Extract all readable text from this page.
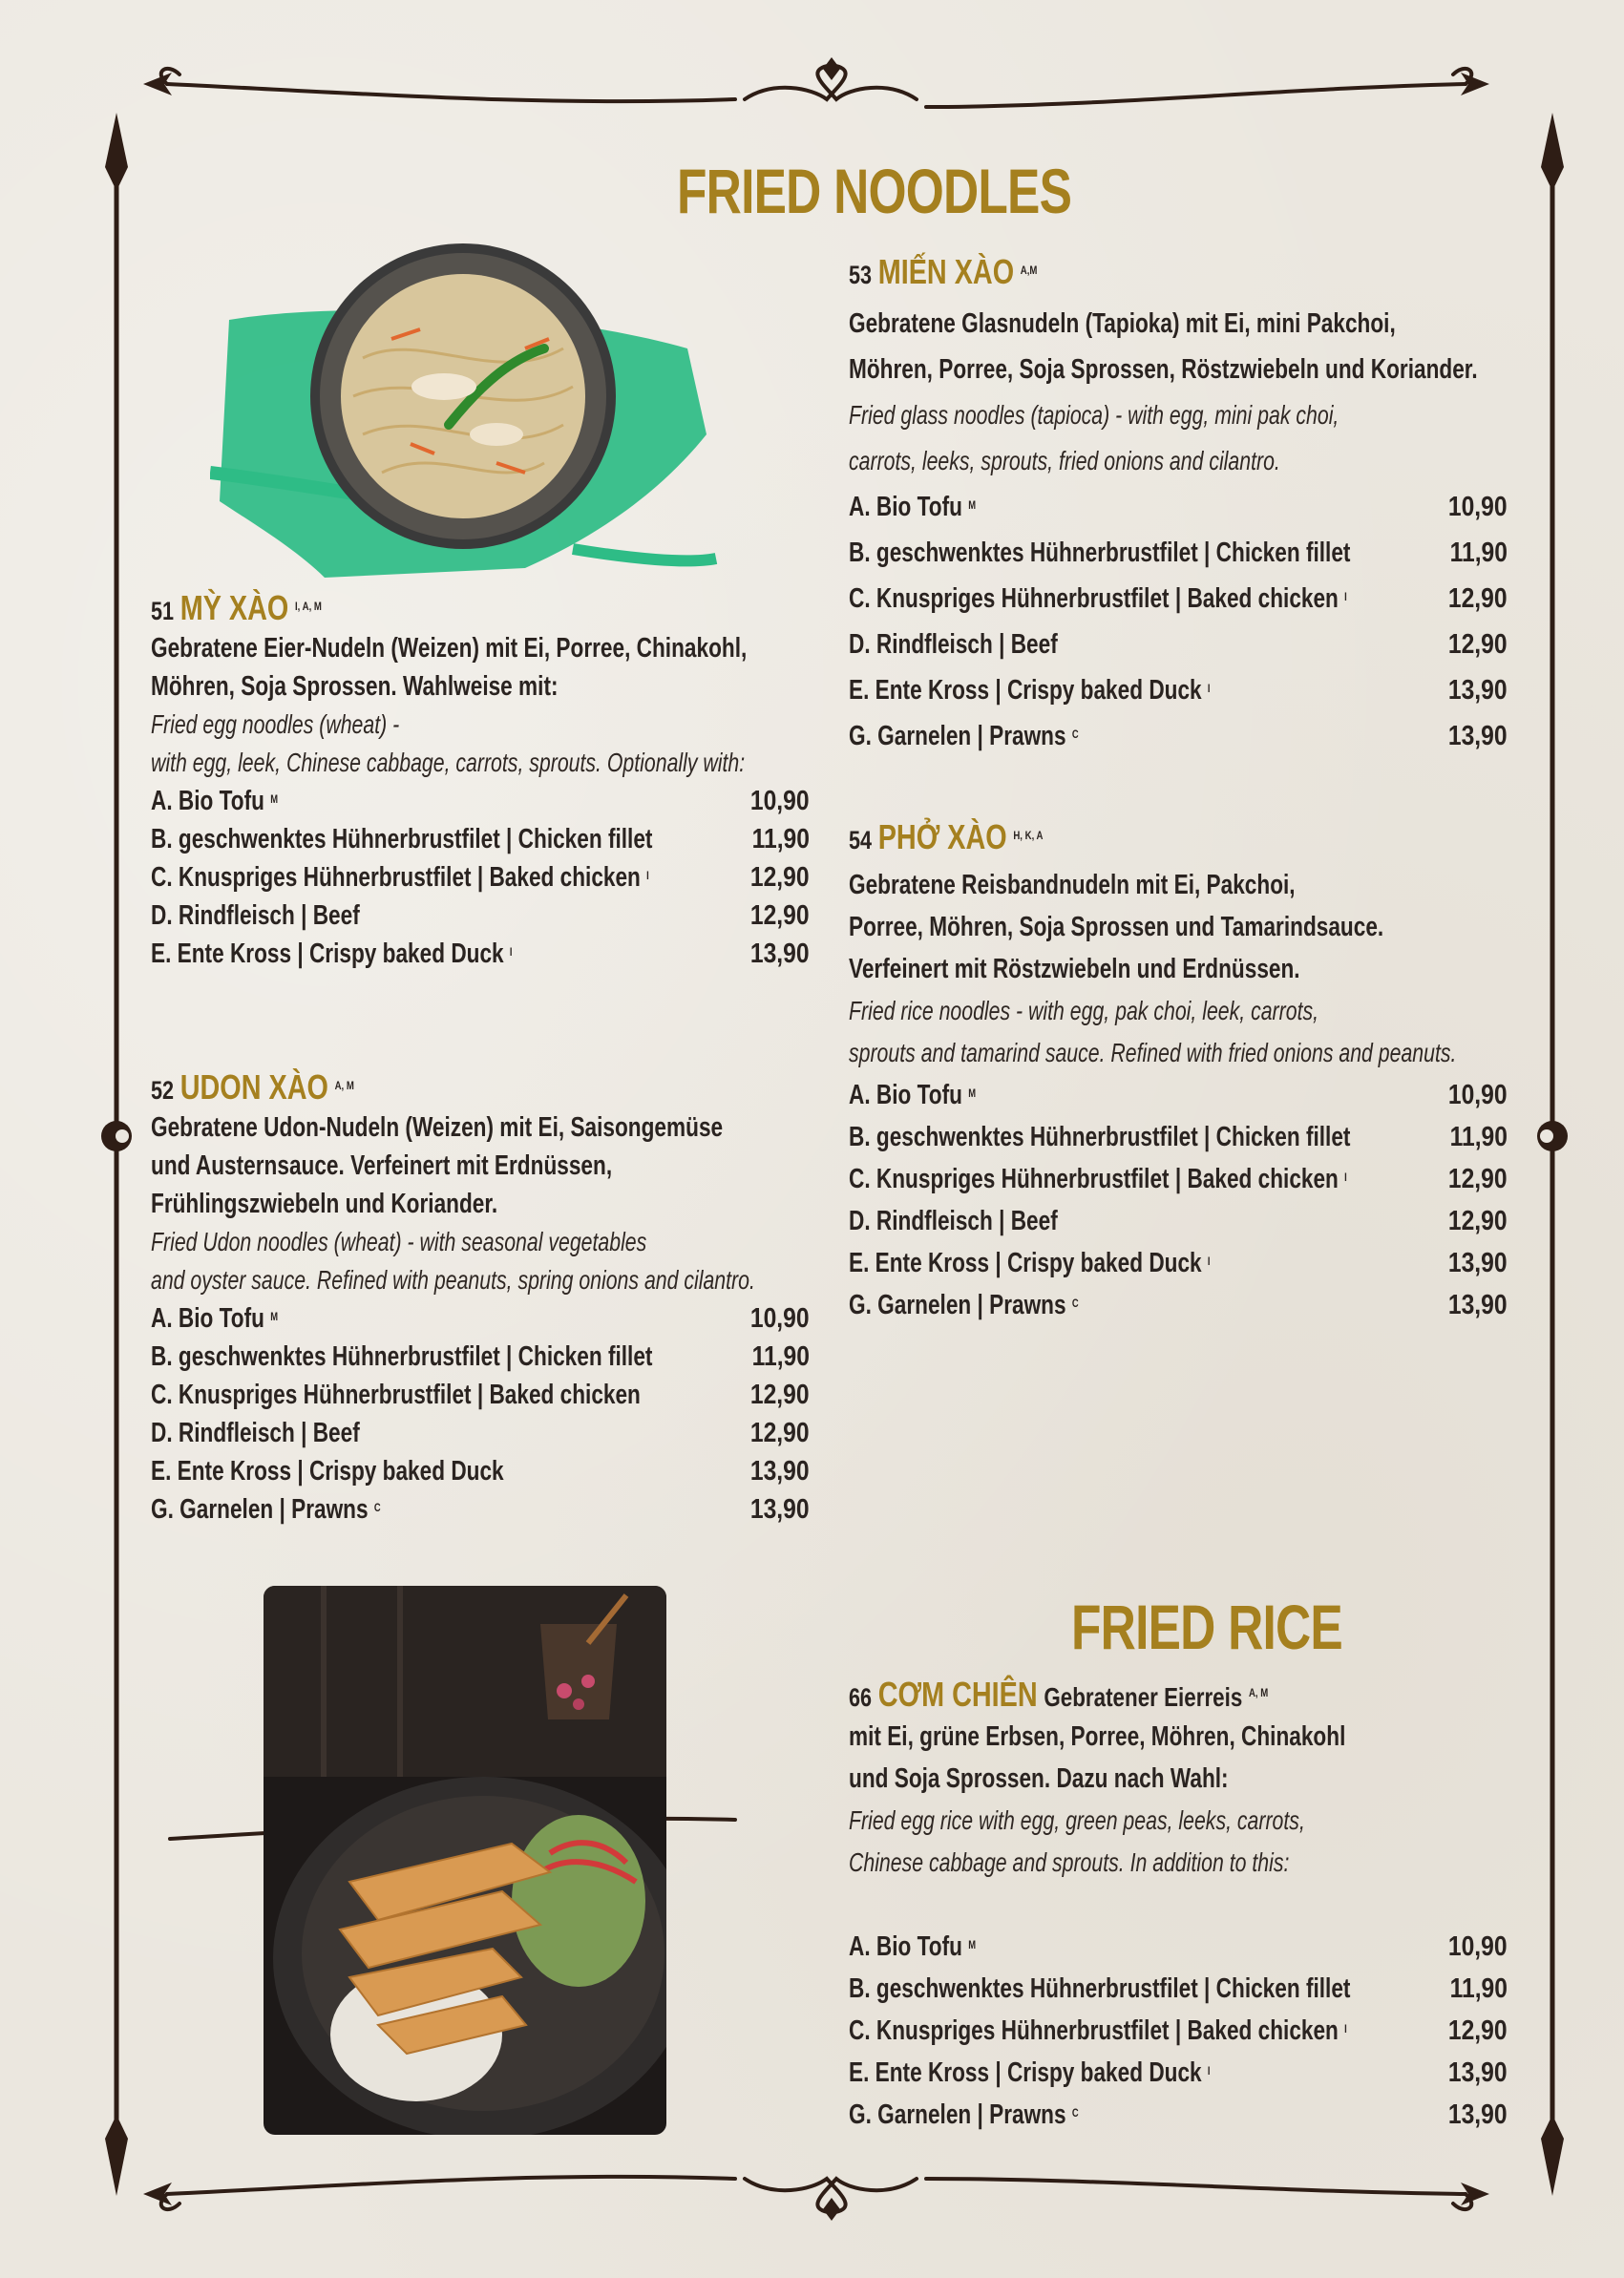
FRIED NOODLES
FRIED RICE
51 MỲ XÀO $^{I, A, M}$

Gebratene Eier-Nudeln (Weizen) mit Ei, Porree, Chinakohl,

Möhren, Soja Sprossen. Wahlweise mit:

Fried egg noodles (wheat) -

with egg, leek, Chinese cabbage, carrots, sprouts. Optionally with:

A. Bio Tofu $^M$	10,90
B. geschwenktes Hühnerbrustfilet | Chicken fillet	11,90
C. Knuspriges Hühnerbrustfilet | Baked chicken $^I$	12,90
D. Rindfleisch | Beef	12,90
E. Ente Kross | Crispy baked Duck $^I$	13,90
52 UDON XÀO $^{A, M}$

Gebratene Udon-Nudeln (Weizen) mit Ei, Saisongemüse

und Austernsauce. Verfeinert mit Erdnüssen,

Frühlingszwiebeln und Koriander.

Fried Udon noodles (wheat) - with seasonal vegetables

and oyster sauce. Refined with peanuts, spring onions and cilantro.

A. Bio Tofu $^M$	10,90
B. geschwenktes Hühnerbrustfilet | Chicken fillet	11,90
C. Knuspriges Hühnerbrustfilet | Baked chicken	12,90
D. Rindfleisch | Beef	12,90
E. Ente Kross | Crispy baked Duck	13,90
G. Garnelen | Prawns $^C$	13,90
53 MIẾN XÀO $^{A,M}$

Gebratene Glasnudeln (Tapioka) mit Ei, mini Pakchoi,

Möhren, Porree, Soja Sprossen, Röstzwiebeln und Koriander.

Fried glass noodles (tapioca) - with egg, mini pak choi,

carrots, leeks, sprouts, fried onions and cilantro.

A. Bio Tofu $^M$	10,90
B. geschwenktes Hühnerbrustfilet | Chicken fillet	11,90
C. Knuspriges Hühnerbrustfilet | Baked chicken $^I$	12,90
D. Rindfleisch | Beef	12,90
E. Ente Kross | Crispy baked Duck $^I$	13,90
G. Garnelen | Prawns $^C$	13,90
54 PHỞ XÀO $^{H, K, A}$

Gebratene Reisbandnudeln mit Ei, Pakchoi,

Porree, Möhren, Soja Sprossen und Tamarindsauce.

Verfeinert mit Röstzwiebeln und Erdnüssen.

Fried rice noodles - with egg, pak choi, leek, carrots,

sprouts and tamarind sauce. Refined with fried onions and peanuts.

A. Bio Tofu $^M$	10,90
B. geschwenktes Hühnerbrustfilet | Chicken fillet	11,90
C. Knuspriges Hühnerbrustfilet | Baked chicken $^I$	12,90
D. Rindfleisch | Beef	12,90
E. Ente Kross | Crispy baked Duck $^I$	13,90
G. Garnelen | Prawns $^C$	13,90
66 CƠM CHIÊN Gebratener Eierreis $^{A, M}$

mit Ei, grüne Erbsen, Porree, Möhren, Chinakohl

und Soja Sprossen. Dazu nach Wahl:

Fried egg rice with egg, green peas, leeks, carrots,

Chinese cabbage and sprouts. In addition to this:

A. Bio Tofu $^M$	10,90
B. geschwenktes Hühnerbrustfilet | Chicken fillet	11,90
C. Knuspriges Hühnerbrustfilet | Baked chicken $^I$	12,90
E. Ente Kross | Crispy baked Duck $^I$	13,90
G. Garnelen | Prawns $^C$	13,90
